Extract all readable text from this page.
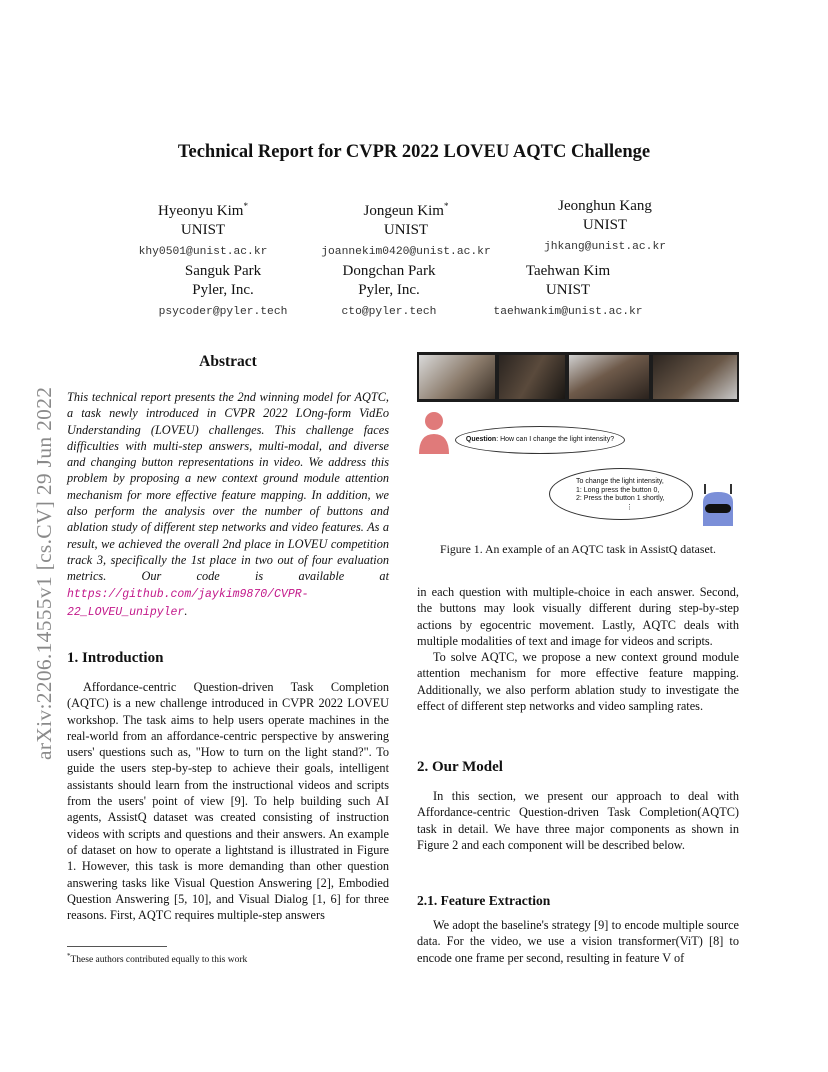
Technical Report for CVPR 2022 LOVEU AQTC Challenge
Hyeonyu Kim*
UNIST
khy0501@unist.ac.kr
Jongeun Kim*
UNIST
joannekim0420@unist.ac.kr
Jeonghun Kang
UNIST
jhkang@unist.ac.kr
Sanguk Park
Pyler, Inc.
psycoder@pyler.tech
Dongchan Park
Pyler, Inc.
cto@pyler.tech
Taehwan Kim
UNIST
taehwankim@unist.ac.kr
arXiv:2206.14555v1 [cs.CV] 29 Jun 2022
Abstract

This technical report presents the 2nd winning model for AQTC, a task newly introduced in CVPR 2022 LOng-form VidEo Understanding (LOVEU) challenges. This challenge faces difficulties with multi-step answers, multi-modal, and diverse and changing button representations in video. We address this problem by proposing a new context ground module attention mechanism for more effective feature mapping. In addition, we also perform the analysis over the number of buttons and ablation study of different step networks and video features. As a result, we achieved the overall 2nd place in LOVEU competition track 3, specifically the 1st place in two out of four evaluation metrics. Our code is available at https://github.com/jaykim9870/CVPR-22_LOVEU_unipyler.

1. Introduction

Affordance-centric Question-driven Task Completion (AQTC) is a new challenge introduced in CVPR 2022 LOVEU workshop. The task aims to help users operate machines in the real-world from an affordance-centric perspective by answering users' questions such as, "How to turn on the light stand?". To guide the users step-by-step to achieve their goals, intelligent assistants should learn from the instructional videos and scripts from the users' point of view [9]. To help building such AI agents, AssistQ dataset was created consisting of instruction videos with scripts and questions and their answers. An example of dataset on how to operate a lightstand is illustrated in Figure 1. However, this task is more demanding than other question answering tasks like Visual Question Answering [2], Embodied Question Answering [5, 10], and Visual Dialog [1, 6] for three reasons. First, AQTC requires multiple-step answers

*These authors contributed equally to this work
Question: How can I change the light intensity?
To change the light intensity,
1: Long press the button 0,
2: Press the button 1 shortly,
⋮
Figure 1. An example of an AQTC task in AssistQ dataset.

in each question with multiple-choice in each answer. Second, the buttons may look visually different during step-by-step actions by egocentric movement. Lastly, AQTC deals with multiple modalities of text and image for videos and scripts.

To solve AQTC, we propose a new context ground module attention mechanism for more effective feature mapping. Additionally, we also perform ablation study to investigate the effect of different step networks and video sampling rates.

2. Our Model

In this section, we present our approach to deal with Affordance-centric Question-driven Task Completion(AQTC) task in detail. We have three major components as shown in Figure 2 and each component will be described below.

2.1. Feature Extraction

We adopt the baseline's strategy [9] to encode multiple source data. For the video, we use a vision transformer(ViT) [8] to encode one frame per second, resulting in feature V of
